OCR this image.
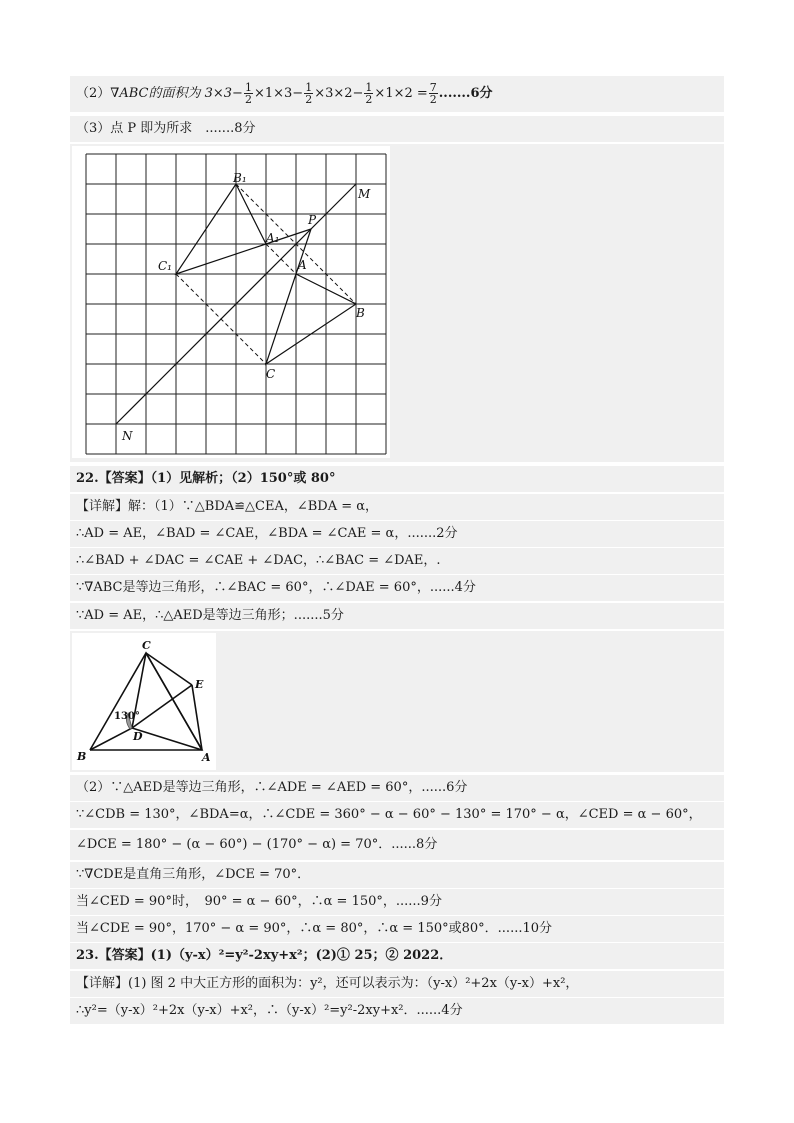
（2）∇ABC的面积为 $3\times 3- \frac{1}{2} \times 1\times 3- \frac{1}{2} \times 3\times 2- \frac{1}{2} \times 1\times 2 = \frac{7}{2} .......6$分
（3）点 P 即为所求　.......8分
B₁
A₁
C₁
P
A
B
C
M
N
22.【答案】（1）见解析；（2）150°或 80°
【详解】解：（1）∵△BDA≌△CEA，∠BDA = α，
∴AD = AE，∠BAD = ∠CAE，∠BDA = ∠CAE = α，.......2分
∴∠BAD + ∠DAC = ∠CAE + ∠DAC，∴∠BAC = ∠DAE，.
∵∇ABC是等边三角形，∴∠BAC = 60°，∴∠DAE = 60°，......4分
∵AD = AE，∴△AED是等边三角形；.......5分
C
E
D
B	A
130°
（2）∵△AED是等边三角形，∴∠ADE = ∠AED = 60°，......6分
∵∠CDB = 130°，∠BDA=α，∴∠CDE = 360° − α − 60° − 130° = 170° − α，∠CED = α − 60°，
∠DCE = 180° − (α − 60°) − (170° − α) = 70°．......8分
∵∇CDE是直角三角形，∠DCE = 70°．
当∠CED = 90°时，　90° = α − 60°，∴α = 150°，......9分
当∠CDE = 90°，170° − α = 90°，∴α = 80°，∴α = 150°或80°．......10分
23.【答案】(1)（y-x）²=y²-2xy+x²；(2)① 25；② 2022．
【详解】(1) 图 2 中大正方形的面积为：y²，还可以表示为：（y-x）²+2x（y-x）+x²，
∴y²=（y-x）²+2x（y-x）+x²，∴（y-x）²=y²-2xy+x²．......4分
